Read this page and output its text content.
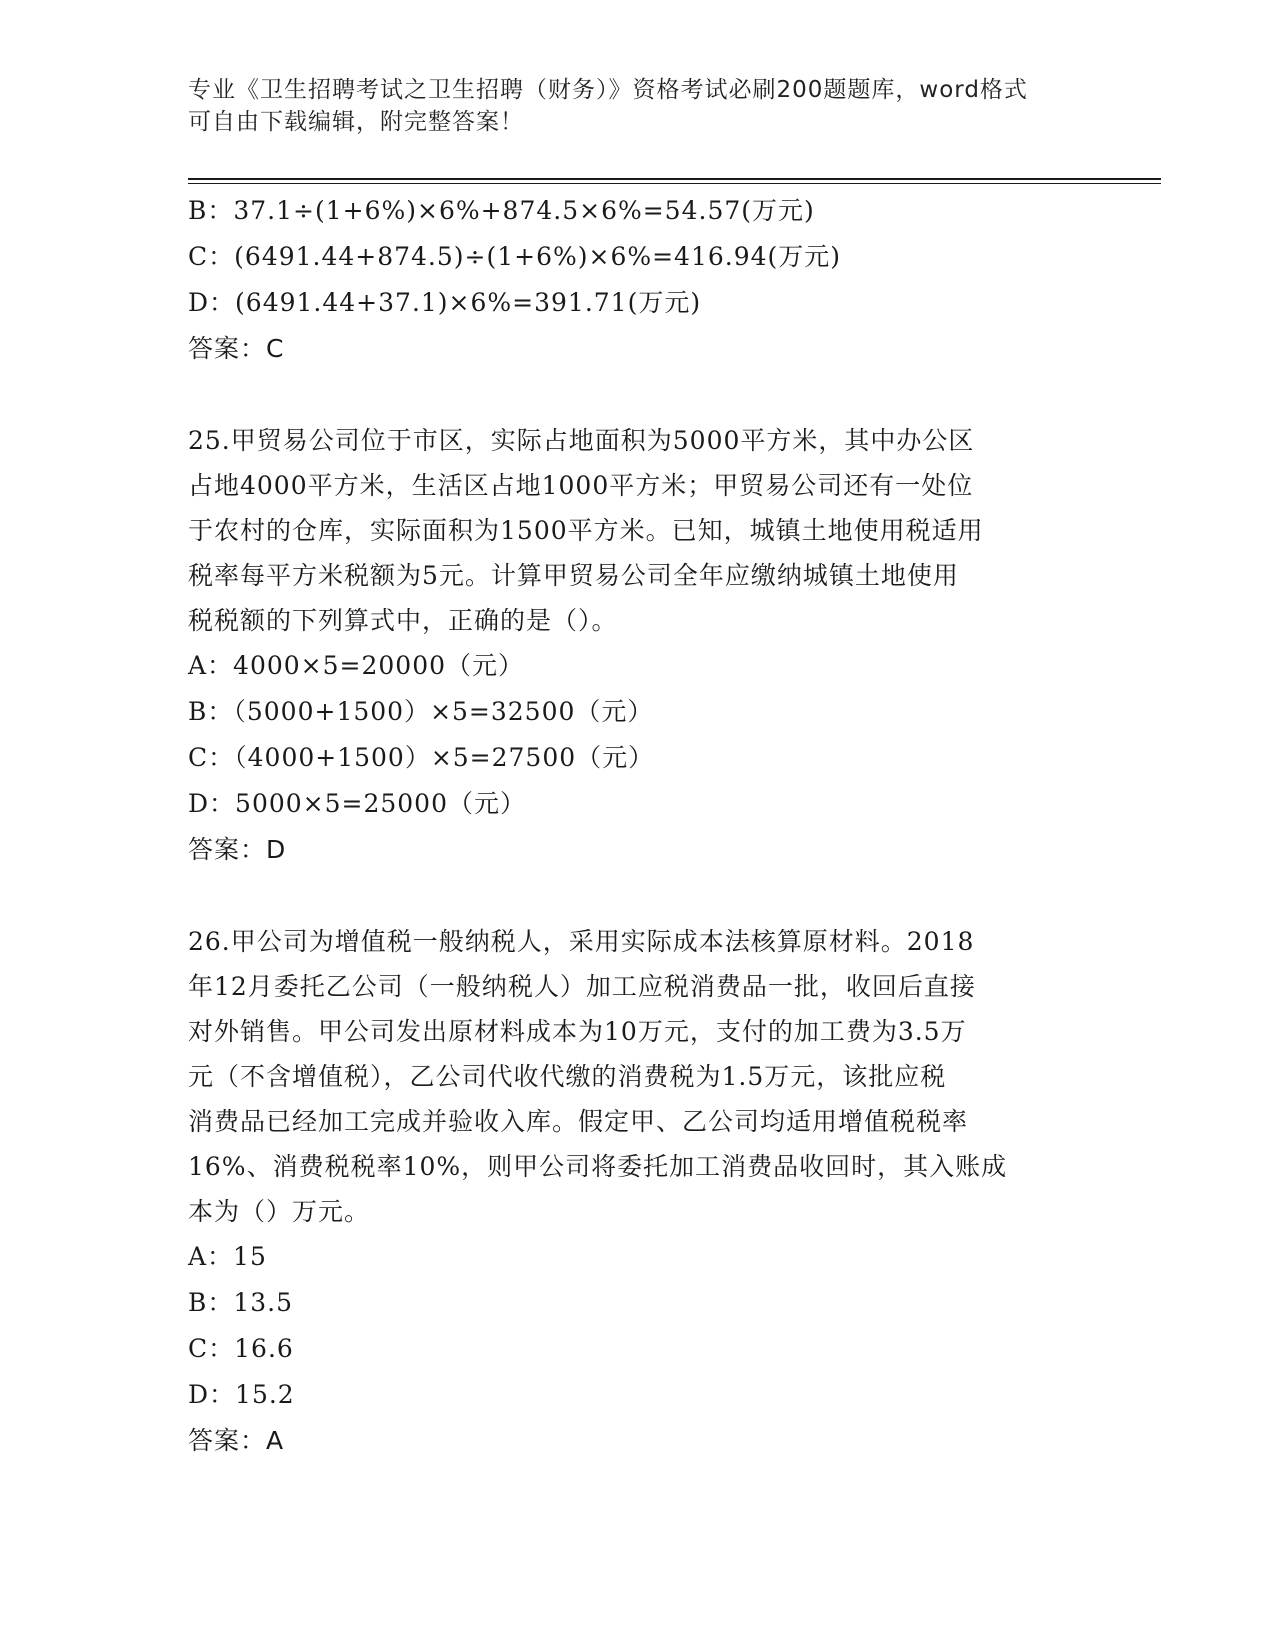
专业《卫生招聘考试之卫生招聘（财务）》资格考试必刷200题题库，word格式
可自由下载编辑，附完整答案！
B：37.1÷(1+6%)×6%+874.5×6%=54.57(万元)
C：(6491.44+874.5)÷(1+6%)×6%=416.94(万元)
D：(6491.44+37.1)×6%=391.71(万元)
答案：C
25.甲贸易公司位于市区，实际占地面积为5000平方米，其中办公区
占地4000平方米，生活区占地1000平方米；甲贸易公司还有一处位
于农村的仓库，实际面积为1500平方米。已知，城镇土地使用税适用
税率每平方米税额为5元。计算甲贸易公司全年应缴纳城镇土地使用
税税额的下列算式中，正确的是（）。
A：4000×5=20000（元）
B：（5000+1500）×5=32500（元）
C：（4000+1500）×5=27500（元）
D：5000×5=25000（元）
答案：D
26.甲公司为增值税一般纳税人，采用实际成本法核算原材料。2018
年12月委托乙公司（一般纳税人）加工应税消费品一批，收回后直接
对外销售。甲公司发出原材料成本为10万元，支付的加工费为3.5万
元（不含增值税），乙公司代收代缴的消费税为1.5万元，该批应税
消费品已经加工完成并验收入库。假定甲、乙公司均适用增值税税率
16%、消费税税率10%，则甲公司将委托加工消费品收回时，其入账成
本为（）万元。
A：15
B：13.5
C：16.6
D：15.2
答案：A
